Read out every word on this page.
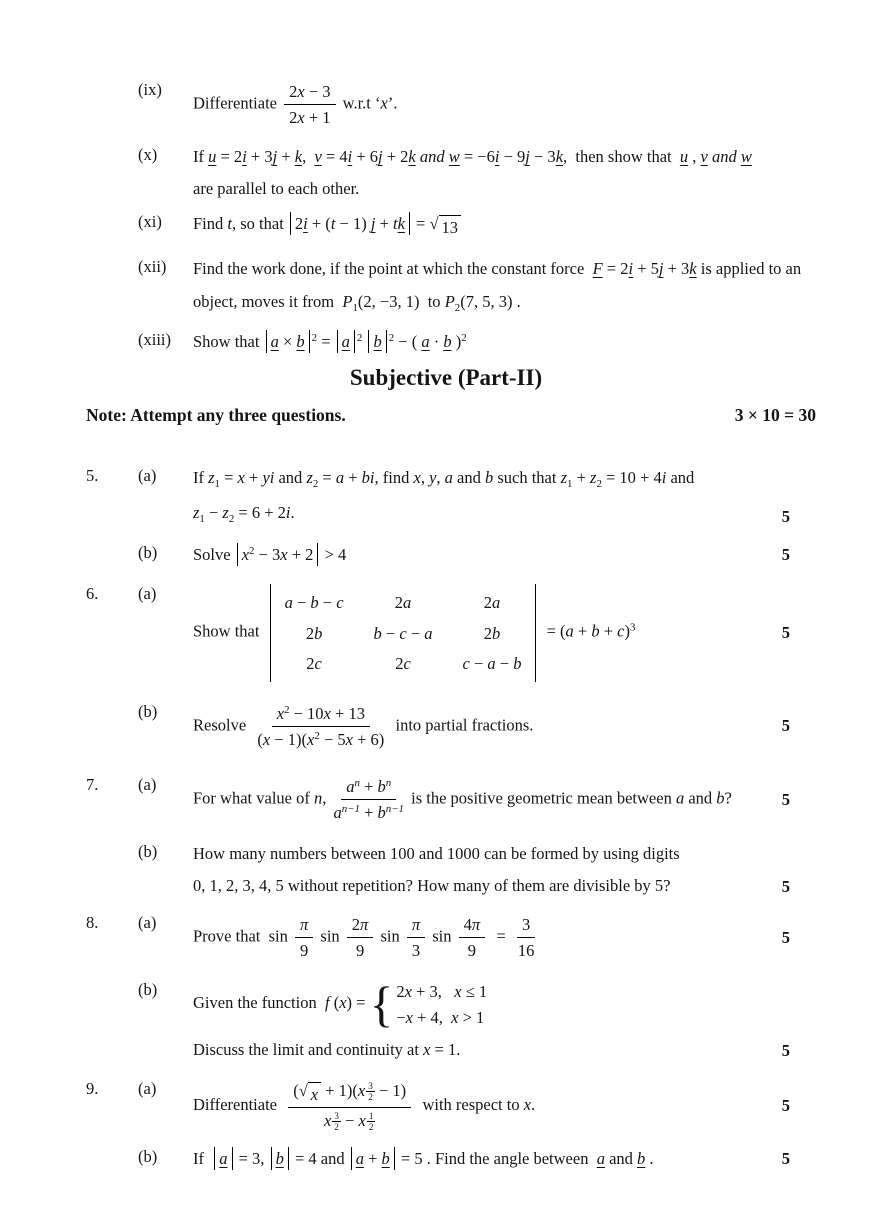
(ix)
Differentiate $\frac{2x - 3}{2x + 1} w.r.t$ ‘x’.
(x)	If u = 2i + 3j + k,  v = 4i + 6j + 2k and w = −6i − 9j − 3k,  then show that  u , v and w
are parallel to each other.
(xi)	Find t, so that 2i + (t − 1) j + tk = √ 13
(xii)	Find the work done, if the point at which the constant force  F = 2i + 5j + 3k is applied to an
object, moves it from  $P_1(2$, −3, 1)  to $P_2(7$, 5, 3) .
(xiii)	Show that a × b $^2$ = a $^2$ b $^2$ − ( a · b )$^2$
Subjective (Part-II)
Note: Attempt any three questions.	3 × 10 = 30
5.	(a)	If $z_1 = x$ + yi and $z_2 = a$ + bi, find x, y, a and b such that $z_1 + z_2 = 10 + 4i$ and
$z_1 - z_2 = 6 + 2i$.	5
(b)	Solve $x^2 - 3x + 2 > 4$	5
6.	(a)
Show that
a − b − c	2a	2a
2b	b − c − a	2b
2c	2c	c − a − b
= $(a + b + c)^3$	5
(b)
Resolve $\frac{x^2 - 10x + 13}{(x - 1)(x^2 - 5x + 6)}$ into partial fractions.	5
7.	(a)
For what value of n, $\frac{a^n + b^n}{a^{n-1} + b^{n-1}}$ is the positive geometric mean between a and b?	5
(b)	How many numbers between 100 and 1000 can be formed by using digits
0, 1, 2, 3, 4, 5 without repetition? How many of them are divisible by 5?	5
8.	(a)
Prove that  $\sin \frac{\pi}{9}$ $\sin \frac{2\pi}{9}$ $\sin \frac{\pi}{3}$ $\sin \frac{4\pi}{9} = \frac{3}{16}$	5
(b)
Given the function  f (x) = { 2x + 3,   x ≤ 1
−x + 4,  x > 1
Discuss the limit and continuity at x = 1.	5
9.	(a)
Differentiate $\frac{( √ x + 1)(x \frac{3}{2} - 1)}{x \frac{3}{2} - x \frac{1}{2}}$ with respect to x.	5
(b)	If  a = 3, b = 4 and a + b = 5 . Find the angle between  a and b .	5
